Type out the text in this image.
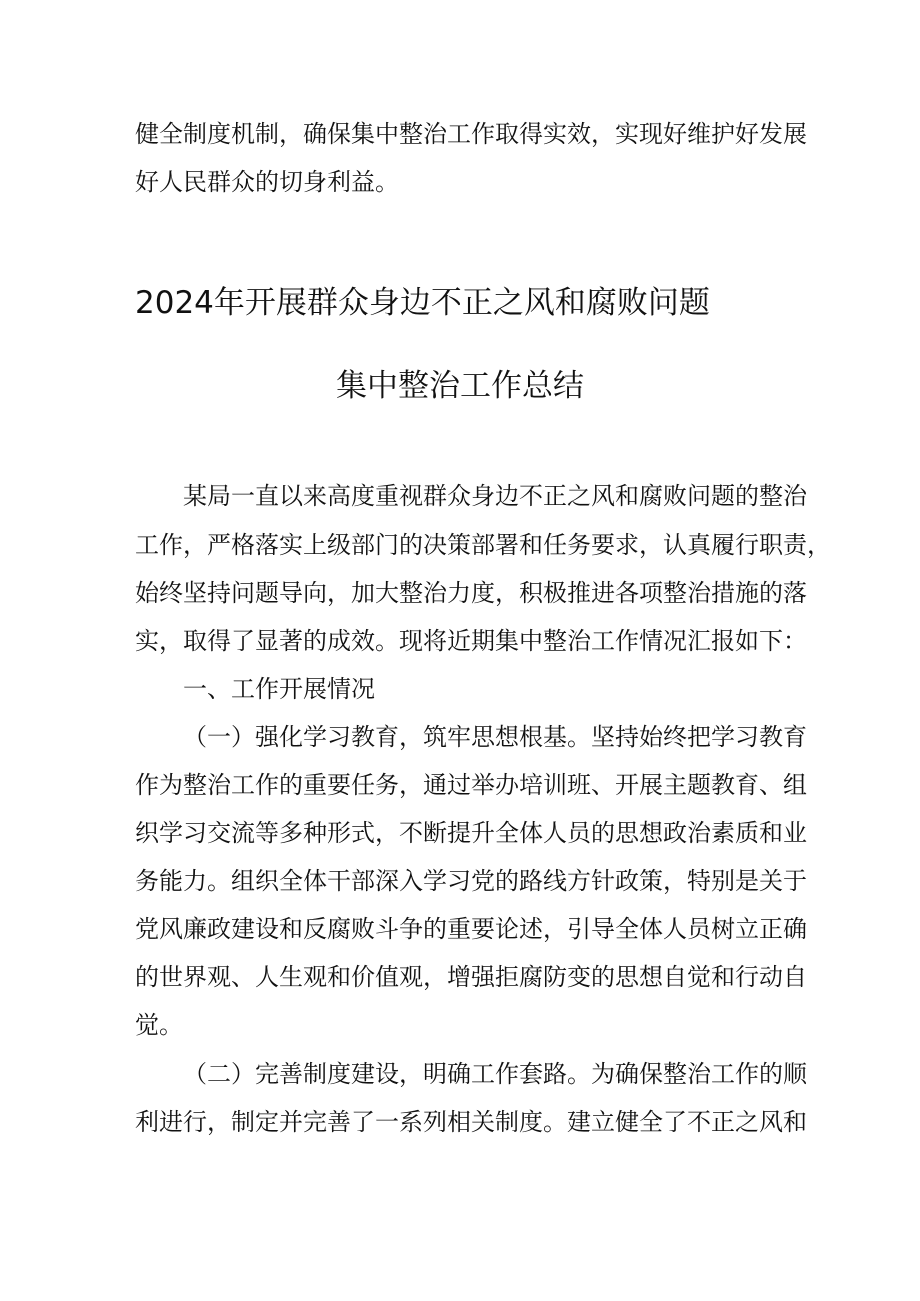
健全制度机制，确保集中整治工作取得实效，实现好维护好发展
好人民群众的切身利益。
2024年开展群众身边不正之风和腐败问题
集中整治工作总结
某局一直以来高度重视群众身边不正之风和腐败问题的整治
工作，严格落实上级部门的决策部署和任务要求，认真履行职责，
始终坚持问题导向，加大整治力度，积极推进各项整治措施的落
实，取得了显著的成效。现将近期集中整治工作情况汇报如下：
一、工作开展情况
（一）强化学习教育，筑牢思想根基。坚持始终把学习教育
作为整治工作的重要任务，通过举办培训班、开展主题教育、组
织学习交流等多种形式，不断提升全体人员的思想政治素质和业
务能力。组织全体干部深入学习党的路线方针政策，特别是关于
党风廉政建设和反腐败斗争的重要论述，引导全体人员树立正确
的世界观、人生观和价值观，增强拒腐防变的思想自觉和行动自
觉。
（二）完善制度建设，明确工作套路。为确保整治工作的顺
利进行，制定并完善了一系列相关制度。建立健全了不正之风和
